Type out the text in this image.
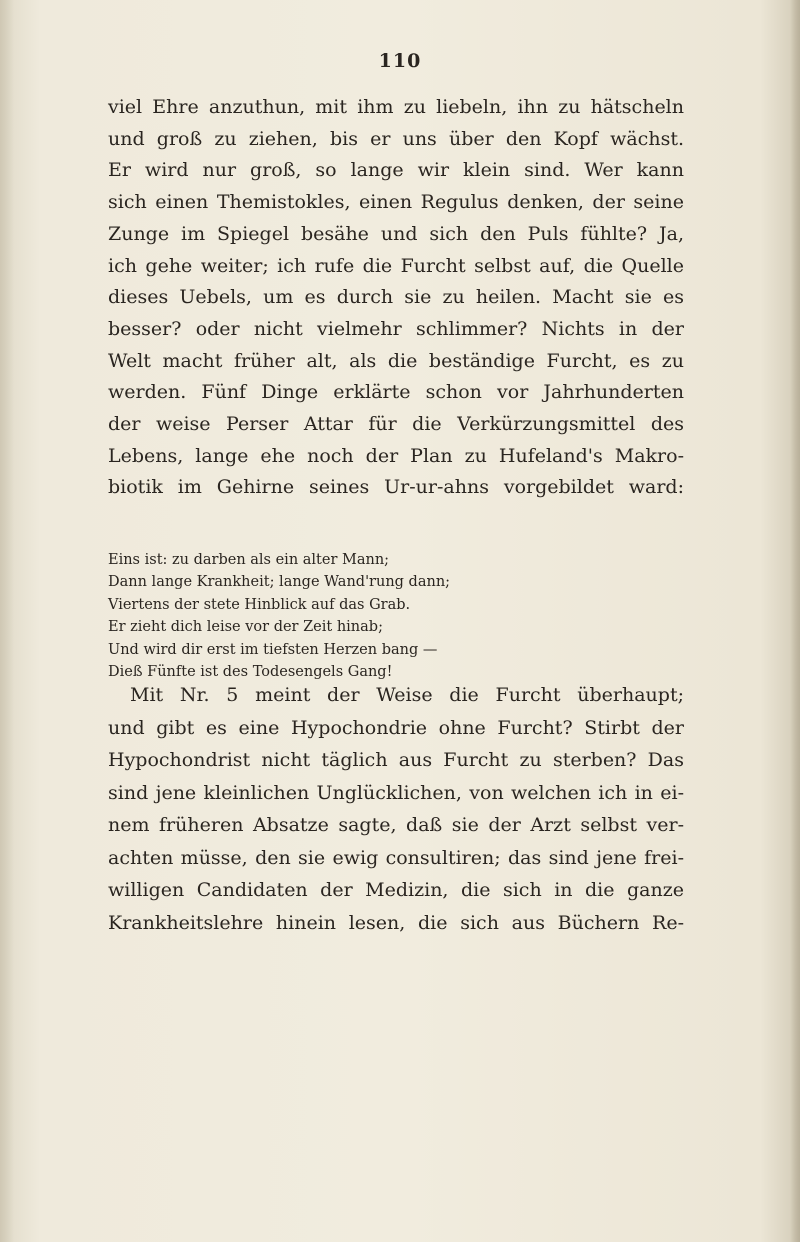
110
viel Ehre anzuthun, mit ihm zu liebeln, ihn zu hätscheln
und groß zu ziehen, bis er uns über den Kopf wächst.
Er wird nur groß, so lange wir klein sind. Wer kann
sich einen Themistokles, einen Regulus denken, der seine
Zunge im Spiegel besähe und sich den Puls fühlte? Ja,
ich gehe weiter; ich rufe die Furcht selbst auf, die Quelle
dieses Uebels, um es durch sie zu heilen. Macht sie es
besser? oder nicht vielmehr schlimmer? Nichts in der
Welt macht früher alt, als die beständige Furcht, es zu
werden. Fünf Dinge erklärte schon vor Jahrhunderten
der weise Perser Attar für die Verkürzungsmittel des
Lebens, lange ehe noch der Plan zu Hufeland's Makro-
biotik im Gehirne seines Ur-ur-ahns vorgebildet ward:
Eins ist: zu darben als ein alter Mann;
Dann lange Krankheit; lange Wand'rung dann;
Viertens der stete Hinblick auf das Grab.
Er zieht dich leise vor der Zeit hinab;
Und wird dir erst im tiefsten Herzen bang —
Dieß Fünfte ist des Todesengels Gang!
Mit Nr. 5 meint der Weise die Furcht überhaupt;
und gibt es eine Hypochondrie ohne Furcht? Stirbt der
Hypochondrist nicht täglich aus Furcht zu sterben? Das
sind jene kleinlichen Unglücklichen, von welchen ich in ei-
nem früheren Absatze sagte, daß sie der Arzt selbst ver-
achten müsse, den sie ewig consultiren; das sind jene frei-
willigen Candidaten der Medizin, die sich in die ganze
Krankheitslehre hinein lesen, die sich aus Büchern Re-
